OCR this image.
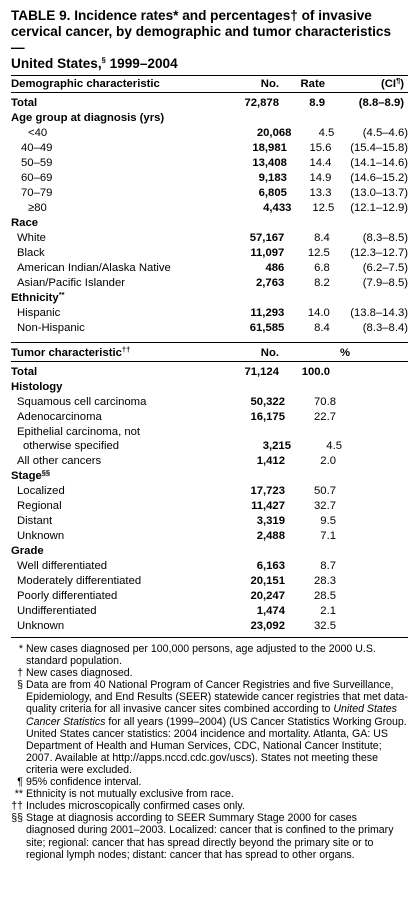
TABLE 9. Incidence rates* and percentages† of invasive
cervical cancer, by demographic and tumor characteristics —
United States,§ 1999–2004
Demographic characteristic	No.	Rate	(CI¶)
Total	72,878	8.9	(8.8–8.9)
Age group at diagnosis (yrs)
<40	20,068	4.5	(4.5–4.6)
40–49	18,981	15.6	(15.4–15.8)
50–59	13,408	14.4	(14.1–14.6)
60–69	9,183	14.9	(14.6–15.2)
70–79	6,805	13.3	(13.0–13.7)
≥80	4,433	12.5	(12.1–12.9)
Race
White	57,167	8.4	(8.3–8.5)
Black	11,097	12.5	(12.3–12.7)
American Indian/Alaska Native	486	6.8	(6.2–7.5)
Asian/Pacific Islander	2,763	8.2	(7.9–8.5)
Ethnicity **
Hispanic	11,293	14.0	(13.8–14.3)
Non-Hispanic	61,585	8.4	(8.3–8.4)
Tumor characteristic††	No.	%
Total	71,124	100.0
Histology
Squamous cell carcinoma	50,322	70.8
Adenocarcinoma	16,175	22.7
Epithelial carcinoma, not
otherwise specified	3,215	4.5
All other cancers	1,412	2.0
Stage §§
Localized	17,723	50.7
Regional	11,427	32.7
Distant	3,319	9.5
Unknown	2,488	7.1
Grade
Well differentiated	6,163	8.7
Moderately differentiated	20,151	28.3
Poorly differentiated	20,247	28.5
Undifferentiated	1,474	2.1
Unknown	23,092	32.5
* New cases diagnosed per 100,000 persons, age adjusted to the 2000 U.S. standard population.
† New cases diagnosed.
§ Data are from 40 National Program of Cancer Registries and five Surveillance, Epidemiology, and End Results (SEER) statewide cancer registries that met data-quality criteria for all invasive cancer sites combined according to United States Cancer Statistics for all years (1999–2004) (US Cancer Statistics Working Group. United States cancer statistics: 2004 incidence and mortality. Atlanta, GA: US Department of Health and Human Services, CDC, National Cancer Institute; 2007. Available at http://apps.nccd.cdc.gov/uscs). States not meeting these criteria were excluded.
¶ 95% confidence interval.
** Ethnicity is not mutually exclusive from race.
†† Includes microscopically confirmed cases only.
§§ Stage at diagnosis according to SEER Summary Stage 2000 for cases diagnosed during 2001–2003. Localized: cancer that is confined to the primary site; regional: cancer that has spread directly beyond the primary site or to regional lymph nodes; distant: cancer that has spread to other organs.
